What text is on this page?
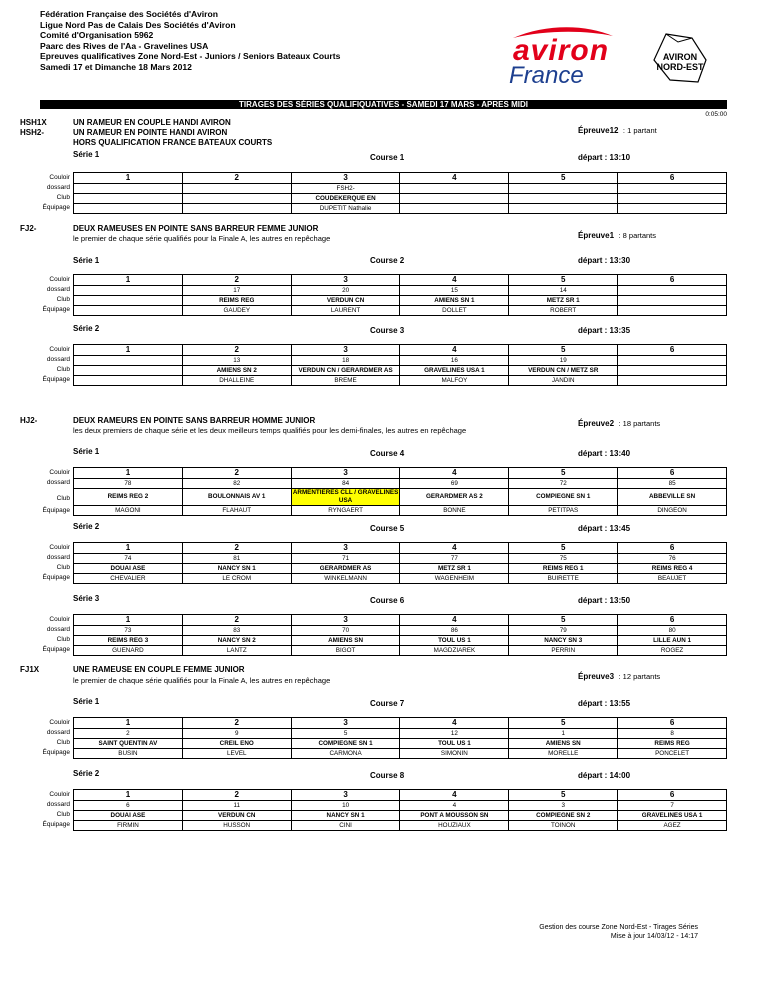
Fédération Française des Sociétés d'Aviron
Ligue Nord Pas de Calais Des Sociétés d'Aviron
Comité d'Organisation 5962
Paarc des Rives de l'Aa - Gravelines USA
Epreuves qualificatives Zone Nord-Est - Juniors / Seniors Bateaux Courts
Samedi 17 et Dimanche 18 Mars 2012	aviron
France
AVIRON
NORD-EST
TIRAGES DES SÉRIES QUALIFIQUATIVES - SAMEDI 17 MARS - APRES MIDI
0:05:00
HSH1X
HSH2-
UN RAMEUR EN COUPLE HANDI AVIRON
UN RAMEUR EN POINTE HANDI AVIRON
HORS QUALIFICATION FRANCE BATEAUX COURTS
Épreuve12 : 1 partant
Série 1	Course 1	départ : 13:10
Couloir
dossard
Club
Équipage
1	2	3	4	5	6
		FSH2-			
		COUDEKERQUE EN			
		DUPETIT Nathalie			
FJ2-	DEUX RAMEUSES EN POINTE SANS BARREUR FEMME JUNIOR
le premier de chaque série qualifiés pour la Finale A, les autres en repêchage	Épreuve1 : 8 partants
Série 1	Course 2	départ : 13:30
Couloir
dossard
Club
Équipage
1	2	3	4	5	6
	17	20	15	14	
	REIMS REG	VERDUN CN	AMIENS SN 1	METZ SR 1	
	GAUDEY	LAURENT	DOLLET	ROBERT	
Série 2	Course 3	départ : 13:35
Couloir
dossard
Club
Équipage
1	2	3	4	5	6
	13	18	16	19	
	AMIENS SN 2	VERDUN CN / GERARDMER AS	GRAVELINES USA 1	VERDUN CN / METZ SR	
	DHALLEINE	BREME	MALFOY	JANDIN	
HJ2-	DEUX RAMEURS EN POINTE SANS BARREUR HOMME JUNIOR
les deux premiers de chaque série et les deux meilleurs temps qualifiés pour les demi-finales, les autres en repêchage
Épreuve2 : 18 partants
Série 1	Course 4	départ : 13:40
Couloir
dossard
Club
Équipage
1	2	3	4	5	6
78	82	84	69	72	85
REIMS REG 2	BOULONNAIS AV 1	ARMENTIERES CLL / GRAVELINES USA	GERARDMER AS 2	COMPIEGNE SN 1	ABBEVILLE SN
MAGONI	FLAHAUT	RYNGAERT	BONNE	PETITPAS	DINGEON
Série 2	Course 5	départ : 13:45
Couloir
dossard
Club
Équipage
1	2	3	4	5	6
74	81	71	77	75	76
DOUAI ASE	NANCY SN 1	GERARDMER AS	METZ SR 1	REIMS REG 1	REIMS REG 4
CHEVALIER	LE CROM	WINKELMANN	WAGENHEIM	BUIRETTE	BEAUJET
Série 3	Course 6	départ : 13:50
Couloir
dossard
Club
Équipage
1	2	3	4	5	6
73	83	70	86	79	80
REIMS REG 3	NANCY SN 2	AMIENS SN	TOUL US 1	NANCY SN 3	LILLE AUN 1
GUENARD	LANTZ	BIGOT	MAGDZIAREK	PERRIN	ROGEZ
FJ1X	UNE RAMEUSE EN COUPLE FEMME JUNIOR
le premier de chaque série qualifiés pour la Finale A, les autres en repêchage	Épreuve3 : 12 partants
Série 1	Course 7	départ : 13:55
Couloir
dossard
Club
Équipage
1	2	3	4	5	6
2	9	5	12	1	8
SAINT QUENTIN AV	CREIL ENO	COMPIEGNE SN 1	TOUL US 1	AMIENS SN	REIMS REG
BUSIN	LEVEL	CARMONA	SIMONIN	MORELLE	PONCELET
Série 2	Course 8	départ : 14:00
Couloir
dossard
Club
Équipage
1	2	3	4	5	6
6	11	10	4	3	7
DOUAI ASE	VERDUN CN	NANCY SN 1	PONT A MOUSSON SN	COMPIEGNE SN 2	GRAVELINES USA 1
FIRMIN	HUSSON	CINI	HOUZIAUX	TOINON	AGEZ
Gestion des course Zone Nord-Est - Tirages Séries
Mise à jour 14/03/12 - 14:17
